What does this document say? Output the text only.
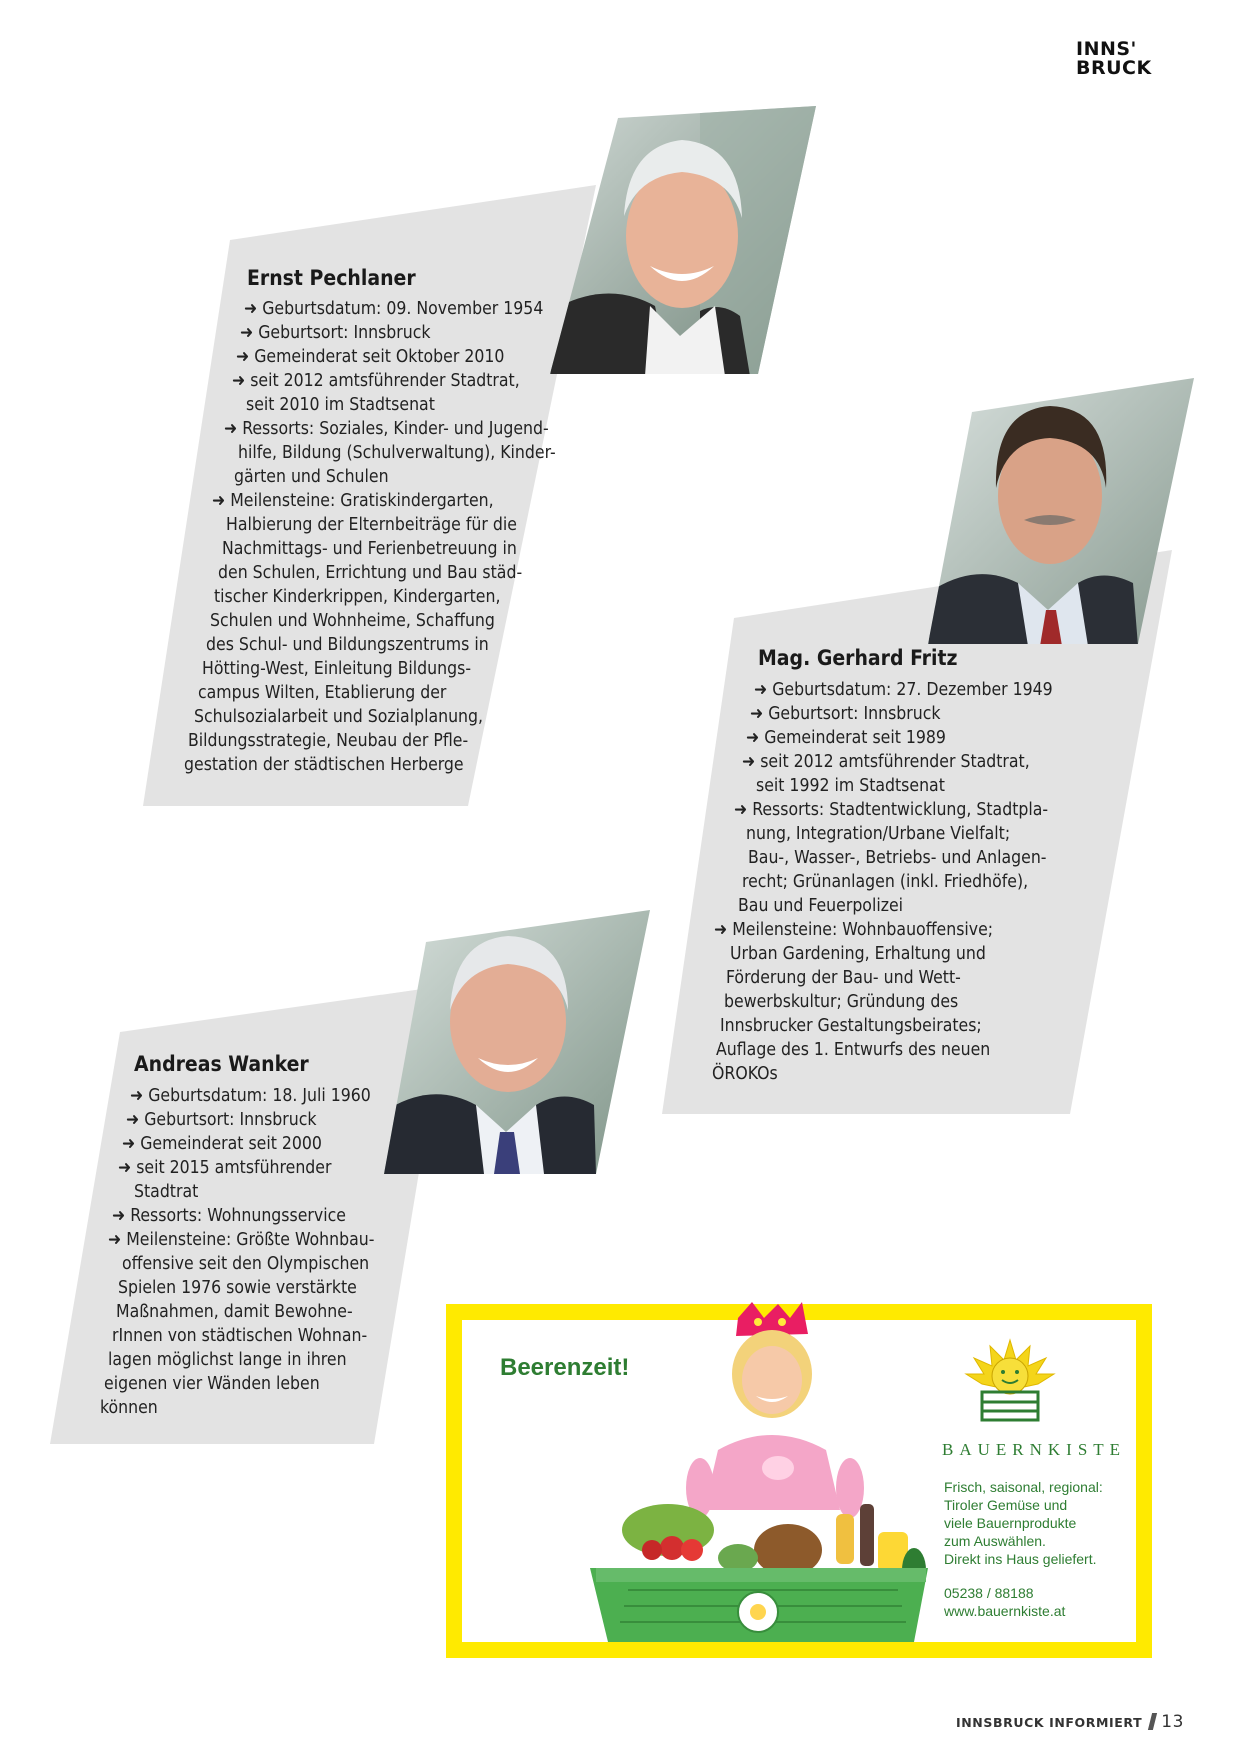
INNS'
BRUCK
Ernst Pechlaner
➜ Geburtsdatum: 09. November 1954
➜ Geburtsort: Innsbruck
➜ Gemeinderat seit Oktober 2010
➜ seit 2012 amtsführender Stadtrat,
seit 2010 im Stadtsenat
➜ Ressorts: Soziales, Kinder- und Jugend-
hilfe, Bildung (Schulverwaltung), Kinder-
gärten und Schulen
➜ Meilensteine: Gratiskindergarten,
Halbierung der Elternbeiträge für die
Nachmittags- und Ferienbetreuung in
den Schulen, Errichtung und Bau städ-
tischer Kinderkrippen, Kindergarten,
Schulen und Wohnheime, Schaffung
des Schul- und Bildungszentrums in
Hötting-West, Einleitung Bildungs-
campus Wilten, Etablierung der
Schulsozialarbeit und Sozialplanung,
Bildungsstrategie, Neubau der Pfle-
gestation der städtischen Herberge
Mag. Gerhard Fritz
➜ Geburtsdatum: 27. Dezember 1949
➜ Geburtsort: Innsbruck
➜ Gemeinderat seit 1989
➜ seit 2012 amtsführender Stadtrat,
seit 1992 im Stadtsenat
➜ Ressorts: Stadtentwicklung, Stadtpla-
nung, Integration/Urbane Vielfalt;
Bau-, Wasser-, Betriebs- und Anlagen-
recht; Grünanlagen (inkl. Friedhöfe),
Bau und Feuerpolizei
➜ Meilensteine: Wohnbauoffensive;
Urban Gardening, Erhaltung und
Förderung der Bau- und Wett-
bewerbskultur; Gründung des
Innsbrucker Gestaltungsbeirates;
Auflage des 1. Entwurfs des neuen
ÖROKOs
Andreas Wanker
➜ Geburtsdatum: 18. Juli 1960
➜ Geburtsort: Innsbruck
➜ Gemeinderat seit 2000
➜ seit 2015 amtsführender
Stadtrat
➜ Ressorts: Wohnungsservice
➜ Meilensteine: Größte Wohnbau-
offensive seit den Olympischen
Spielen 1976 sowie verstärkte
Maßnahmen, damit Bewohne-
rInnen von städtischen Wohnan-
lagen möglichst lange in ihren
eigenen vier Wänden leben
können
Beerenzeit!
BAUERNKISTE
Frisch, saisonal, regional:
Tiroler Gemüse und
viele Bauernprodukte
zum Auswählen.
Direkt ins Haus geliefert.
05238 / 88188
www.bauernkiste.at
INNSBRUCK INFORMIERT 13
